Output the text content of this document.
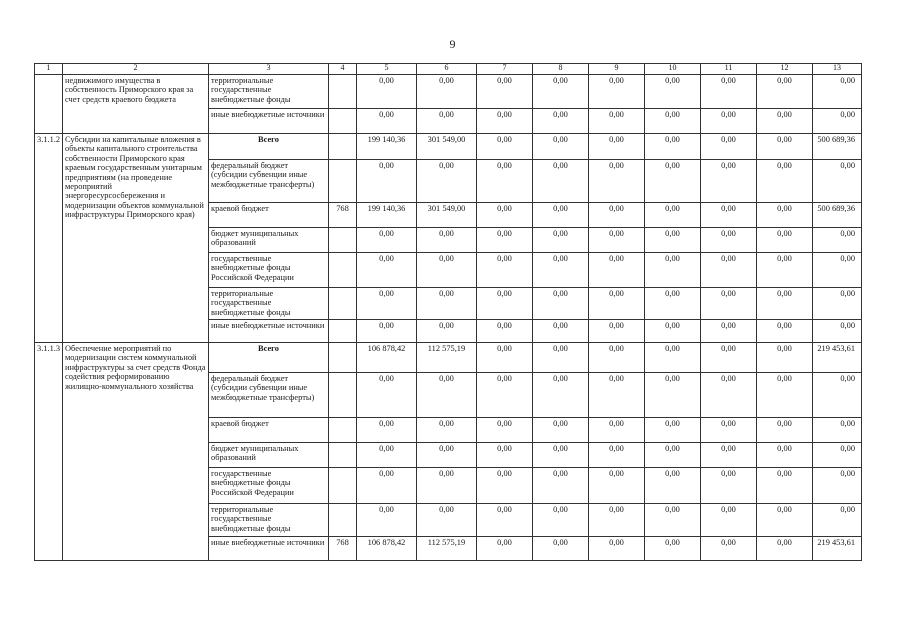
9
1	2	3	4	5	6	7	8	9	10	11	12	13
	недвижимого имущества в собственность Приморского края за счет средств краевого бюджета	территориальные государственные внебюджетные фонды		0,00	0,00	0,00	0,00	0,00	0,00	0,00	0,00	0,00
		иные внебюджетные источники		0,00	0,00	0,00	0,00	0,00	0,00	0,00	0,00	0,00
3.1.1.2	Субсидии на капитальные вложения в объекты капитального строительства собственности Приморского края краевым государственным унитарным предприятиям (на проведение мероприятий энергоресурсосбережения и модернизации объектов коммунальной инфраструктуры Приморского края)	Всего		199 140,36	301 549,00	0,00	0,00	0,00	0,00	0,00	0,00	500 689,36
		федеральный бюджет (субсидии субвенции иные межбюджетные трансферты)		0,00	0,00	0,00	0,00	0,00	0,00	0,00	0,00	0,00
		краевой бюджет	768	199 140,36	301 549,00	0,00	0,00	0,00	0,00	0,00	0,00	500 689,36
		бюджет муниципальных образований		0,00	0,00	0,00	0,00	0,00	0,00	0,00	0,00	0,00
		государственные внебюджетные фонды Российской Федерации		0,00	0,00	0,00	0,00	0,00	0,00	0,00	0,00	0,00
		территориальные государственные внебюджетные фонды		0,00	0,00	0,00	0,00	0,00	0,00	0,00	0,00	0,00
		иные внебюджетные источники		0,00	0,00	0,00	0,00	0,00	0,00	0,00	0,00	0,00
3.1.1.3	Обеспечение мероприятий по модернизации систем коммунальной инфраструктуры за счет средств Фонда содействия реформированию жилищно-коммунального хозяйства	Всего		106 878,42	112 575,19	0,00	0,00	0,00	0,00	0,00	0,00	219 453,61
		федеральный бюджет (субсидии субвенции иные межбюджетные трансферты)		0,00	0,00	0,00	0,00	0,00	0,00	0,00	0,00	0,00
		краевой бюджет		0,00	0,00	0,00	0,00	0,00	0,00	0,00	0,00	0,00
		бюджет муниципальных образований		0,00	0,00	0,00	0,00	0,00	0,00	0,00	0,00	0,00
		государственные внебюджетные фонды Российской Федерации		0,00	0,00	0,00	0,00	0,00	0,00	0,00	0,00	0,00
		территориальные государственные внебюджетные фонды		0,00	0,00	0,00	0,00	0,00	0,00	0,00	0,00	0,00
		иные внебюджетные источники	768	106 878,42	112 575,19	0,00	0,00	0,00	0,00	0,00	0,00	219 453,61
